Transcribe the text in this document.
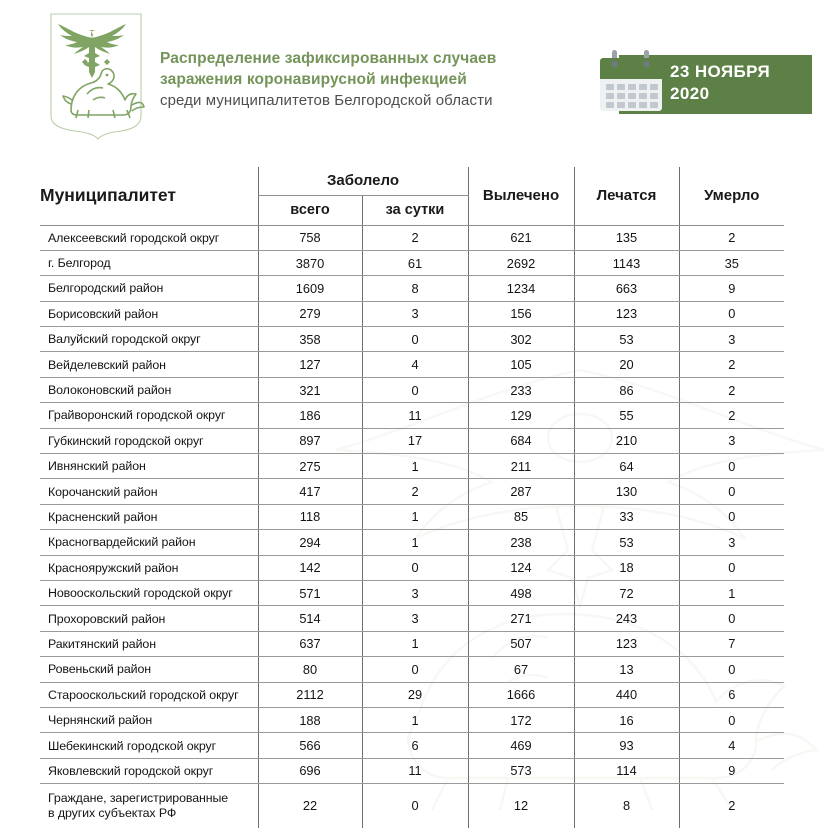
Распределение зафиксированных случаев
заражения коронавирусной инфекцией
среди муниципалитетов Белгородской области
23 НОЯБРЯ
2020
Муниципалитет	Заболело		Вылечено	Лечатся	Умерло
	всего	за сутки			
Алексеевский городской округ	758	2	621	135	2
г. Белгород	3870	61	2692	1143	35
Белгородский район	1609	8	1234	663	9
Борисовский район	279	3	156	123	0
Валуйский городской округ	358	0	302	53	3
Вейделевский район	127	4	105	20	2
Волоконовский район	321	0	233	86	2
Грайворонский городской округ	186	11	129	55	2
Губкинский городской округ	897	17	684	210	3
Ивнянский район	275	1	211	64	0
Корочанский район	417	2	287	130	0
Красненский район	118	1	85	33	0
Красногвардейский район	294	1	238	53	3
Краснояружский район	142	0	124	18	0
Новооскольский городской округ	571	3	498	72	1
Прохоровский район	514	3	271	243	0
Ракитянский район	637	1	507	123	7
Ровеньский район	80	0	67	13	0
Старооскольский городской округ	2112	29	1666	440	6
Чернянский район	188	1	172	16	0
Шебекинский городской округ	566	6	469	93	4
Яковлевский городской округ	696	11	573	114	9
Граждане, зарегистрированные
в других субъектах РФ	22	0	12	8	2
